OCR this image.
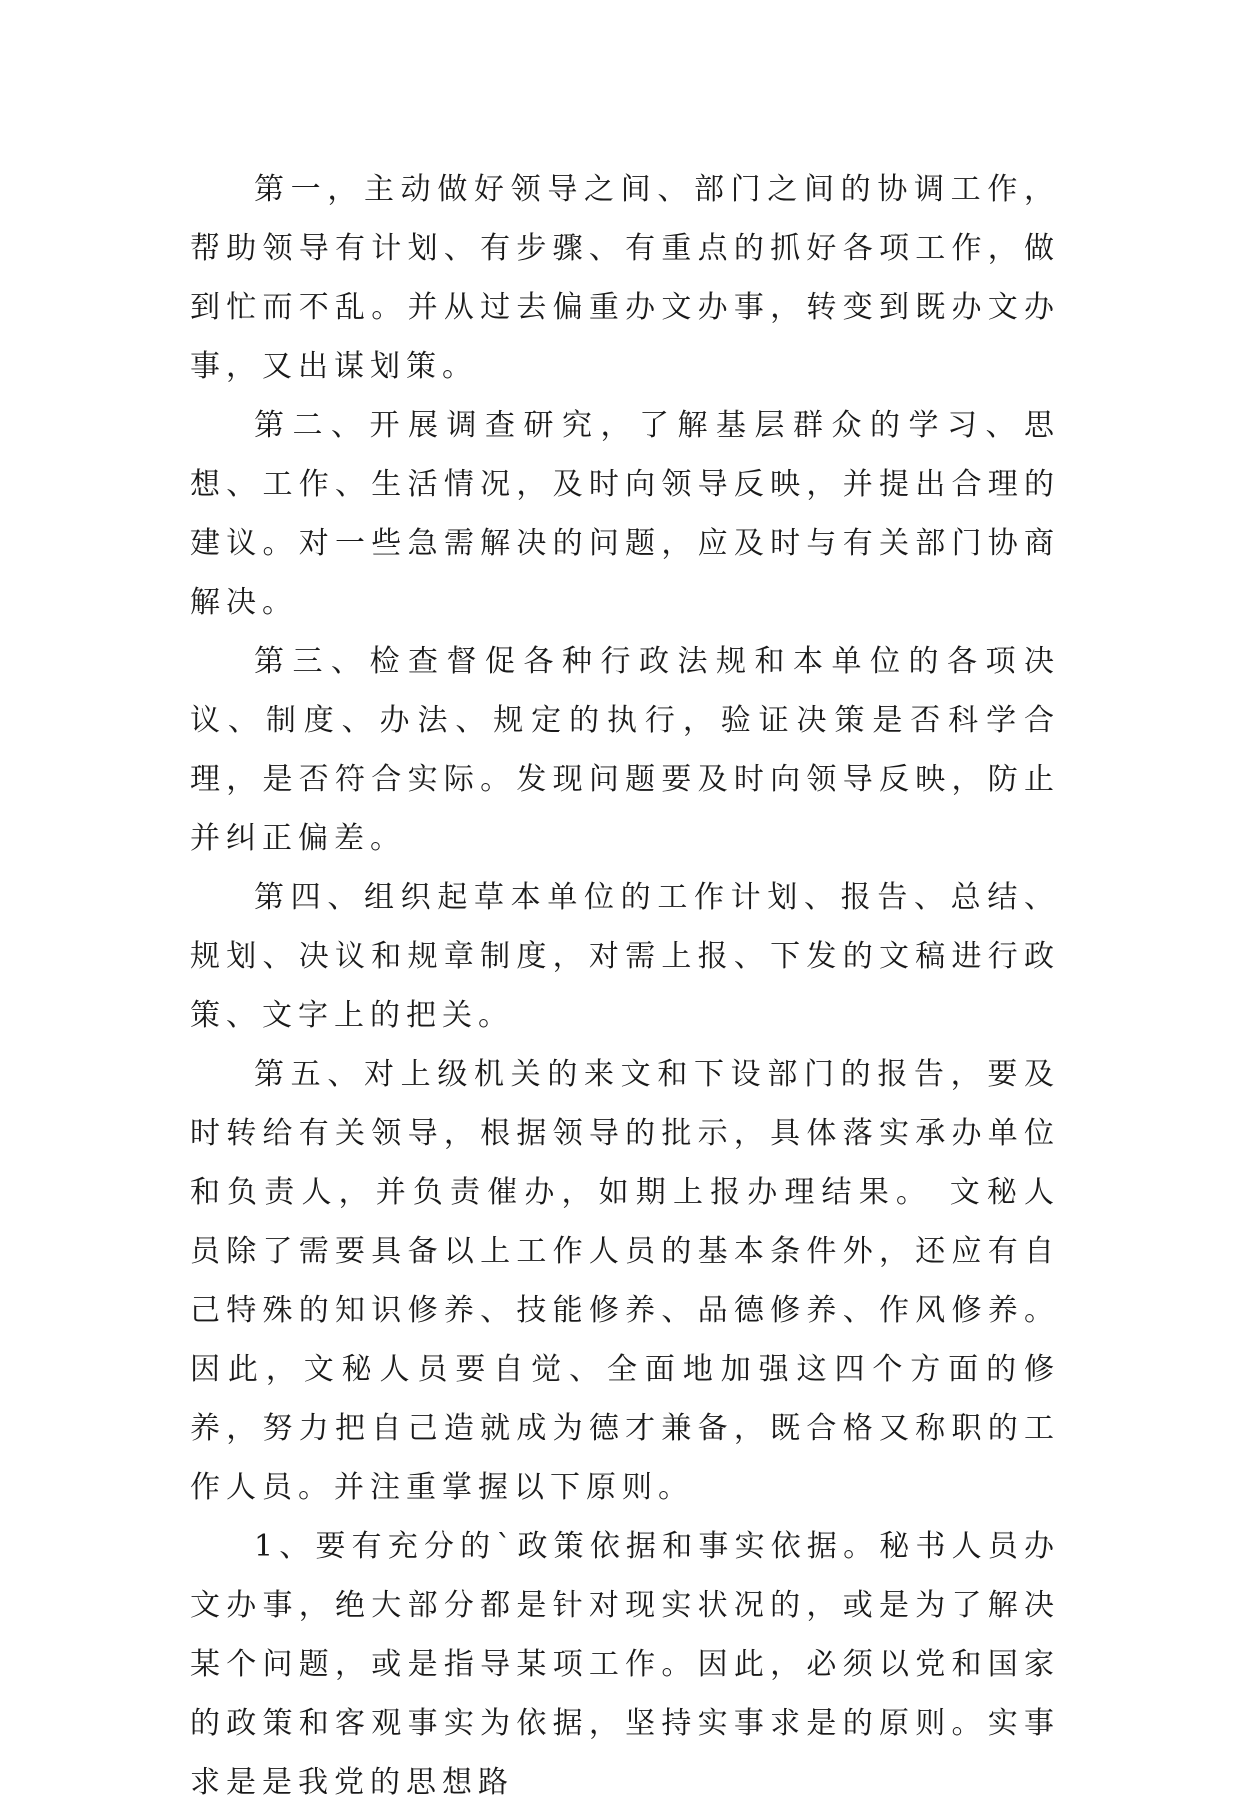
第一，主动做好领导之间、部门之间的协调工作，帮助领导有计划、有步骤、有重点的抓好各项工作，做到忙而不乱。并从过去偏重办文办事，转变到既办文办事，又出谋划策。

第二、开展调查研究，了解基层群众的学习、思想、工作、生活情况，及时向领导反映，并提出合理的建议。对一些急需解决的问题，应及时与有关部门协商解决。

第三、检查督促各种行政法规和本单位的各项决议、制度、办法、规定的执行，验证决策是否科学合理，是否符合实际。发现问题要及时向领导反映，防止并纠正偏差。

第四、组织起草本单位的工作计划、报告、总结、规划、决议和规章制度，对需上报、下发的文稿进行政策、文字上的把关。

第五、对上级机关的来文和下设部门的报告，要及时转给有关领导，根据领导的批示，具体落实承办单位和负责人，并负责催办，如期上报办理结果。 文秘人员除了需要具备以上工作人员的基本条件外，还应有自己特殊的知识修养、技能修养、品德修养、作风修养。因此，文秘人员要自觉、全面地加强这四个方面的修养，努力把自己造就成为德才兼备，既合格又称职的工作人员。并注重掌握以下原则。

1、要有充分的`政策依据和事实依据。秘书人员办文办事，绝大部分都是针对现实状况的，或是为了解决某个问题，或是指导某项工作。因此，必须以党和国家的政策和客观事实为依据，坚持实事求是的原则。实事求是是我党的思想路
